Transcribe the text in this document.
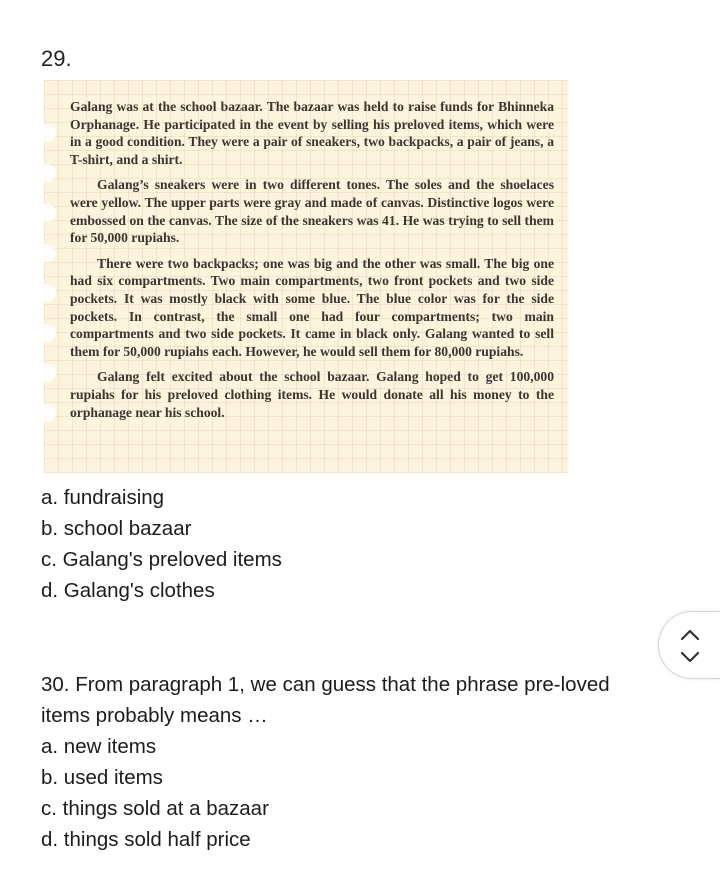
29.

Galang was at the school bazaar. The bazaar was held to raise funds for Bhinneka Orphanage. He participated in the event by selling his preloved items, which were in a good condition. They were a pair of sneakers, two backpacks, a pair of jeans, a T-shirt, and a shirt.

Galang’s sneakers were in two different tones. The soles and the shoelaces were yellow. The upper parts were gray and made of canvas. Distinctive logos were embossed on the canvas. The size of the sneakers was 41. He was trying to sell them for 50,000 rupiahs.

There were two backpacks; one was big and the other was small. The big one had six compartments. Two main compartments, two front pockets and two side pockets. It was mostly black with some blue. The blue color was for the side pockets. In contrast, the small one had four compartments; two main compartments and two side pockets. It came in black only. Galang wanted to sell them for 50,000 rupiahs each. However, he would sell them for 80,000 rupiahs.

Galang felt excited about the school bazaar. Galang hoped to get 100,000 rupiahs for his preloved clothing items. He would donate all his money to the orphanage near his school.

a. fundraising
b. school bazaar
c. Galang's preloved items
d. Galang's clothes
30. From paragraph 1, we can guess that the phrase pre-loved items probably means …
a. new items
b. used items
c. things sold at a bazaar
d. things sold half price
